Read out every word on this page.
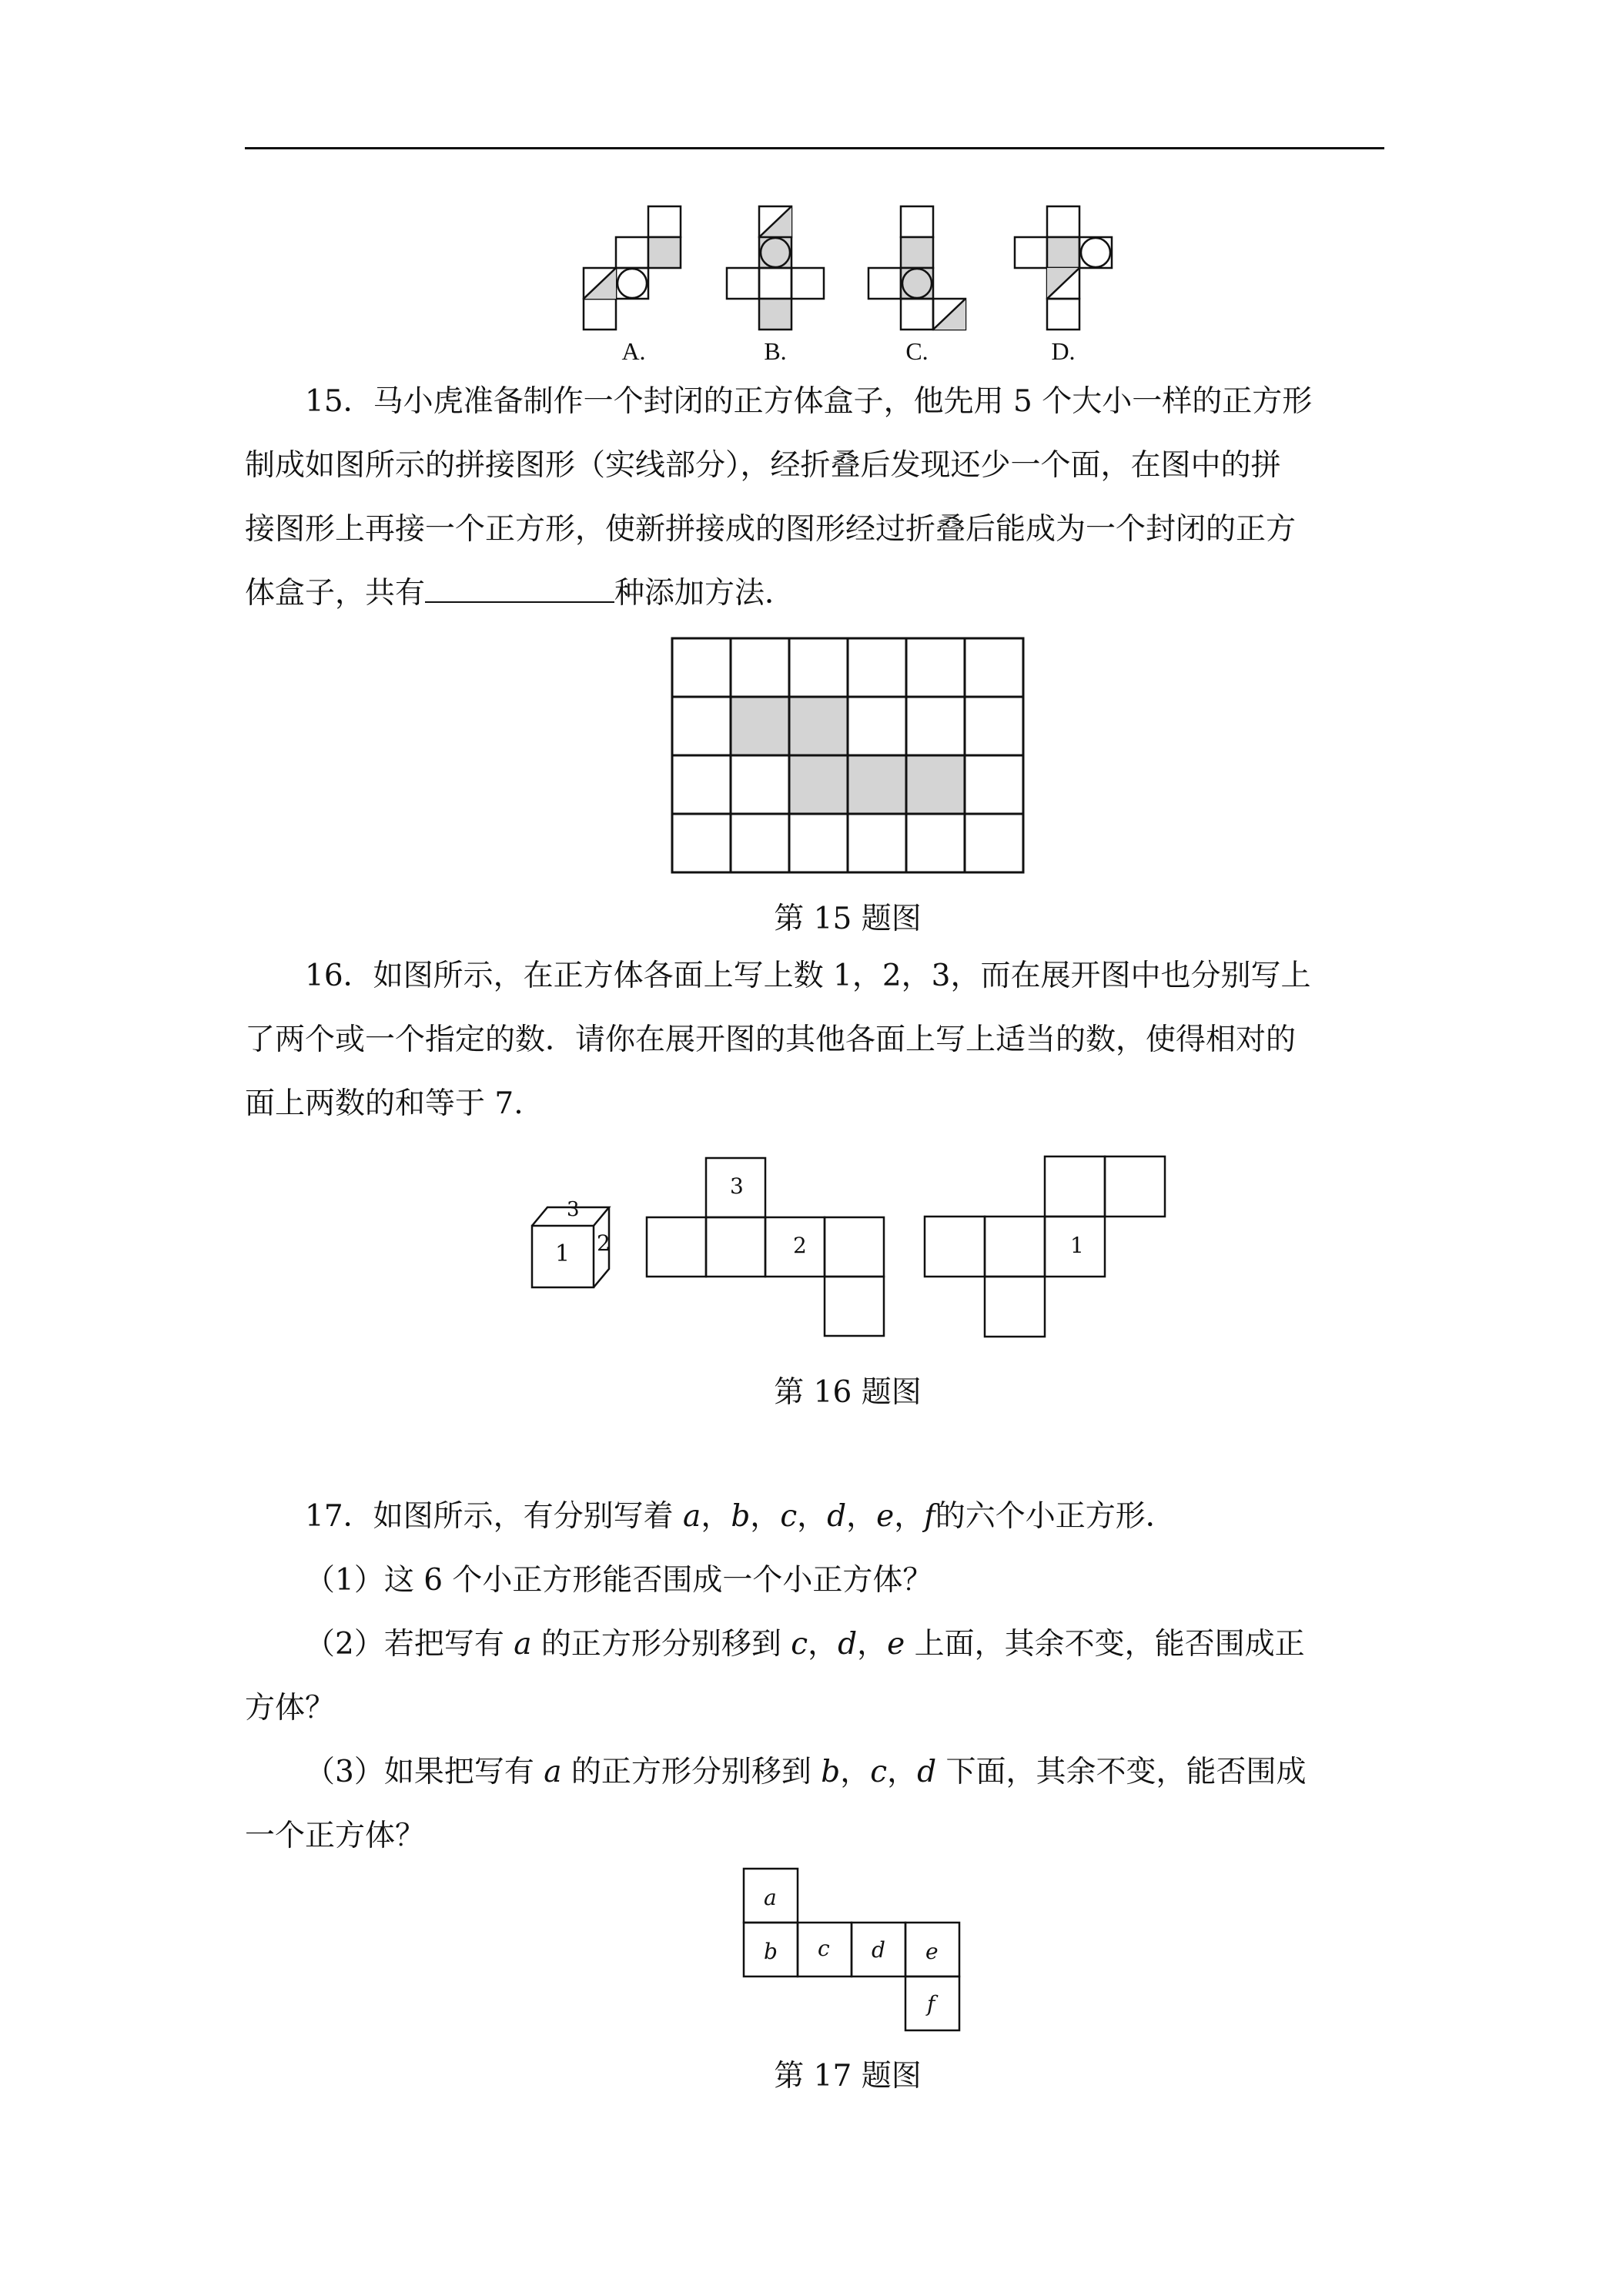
A.	B.	C.	D.

15．马小虎准备制作一个封闭的正方体盒子，他先用 5 个大小一样的正方形

制成如图所示的拼接图形（实线部分），经折叠后发现还少一个面，在图中的拼

接图形上再接一个正方形，使新拼接成的图形经过折叠后能成为一个封闭的正方

体盒子，共有	种添加方法．

第 15 题图

16．如图所示，在正方体各面上写上数 1，2，3，而在展开图中也分别写上

了两个或一个指定的数．请你在展开图的其他各面上写上适当的数，使得相对的

面上两数的和等于 7.

1
3
2
3
2	1
第 16 题图

17．如图所示，有分别写着 a，b，c，d，e，f的六个小正方形．

（1）这 6 个小正方形能否围成一个小正方体？

（2）若把写有 a 的正方形分别移到 c，d，e 上面，其余不变，能否围成正

方体？

（3）如果把写有 a 的正方形分别移到 b，c，d 下面，其余不变，能否围成

一个正方体？

a
b c d e
f
第 17 题图
